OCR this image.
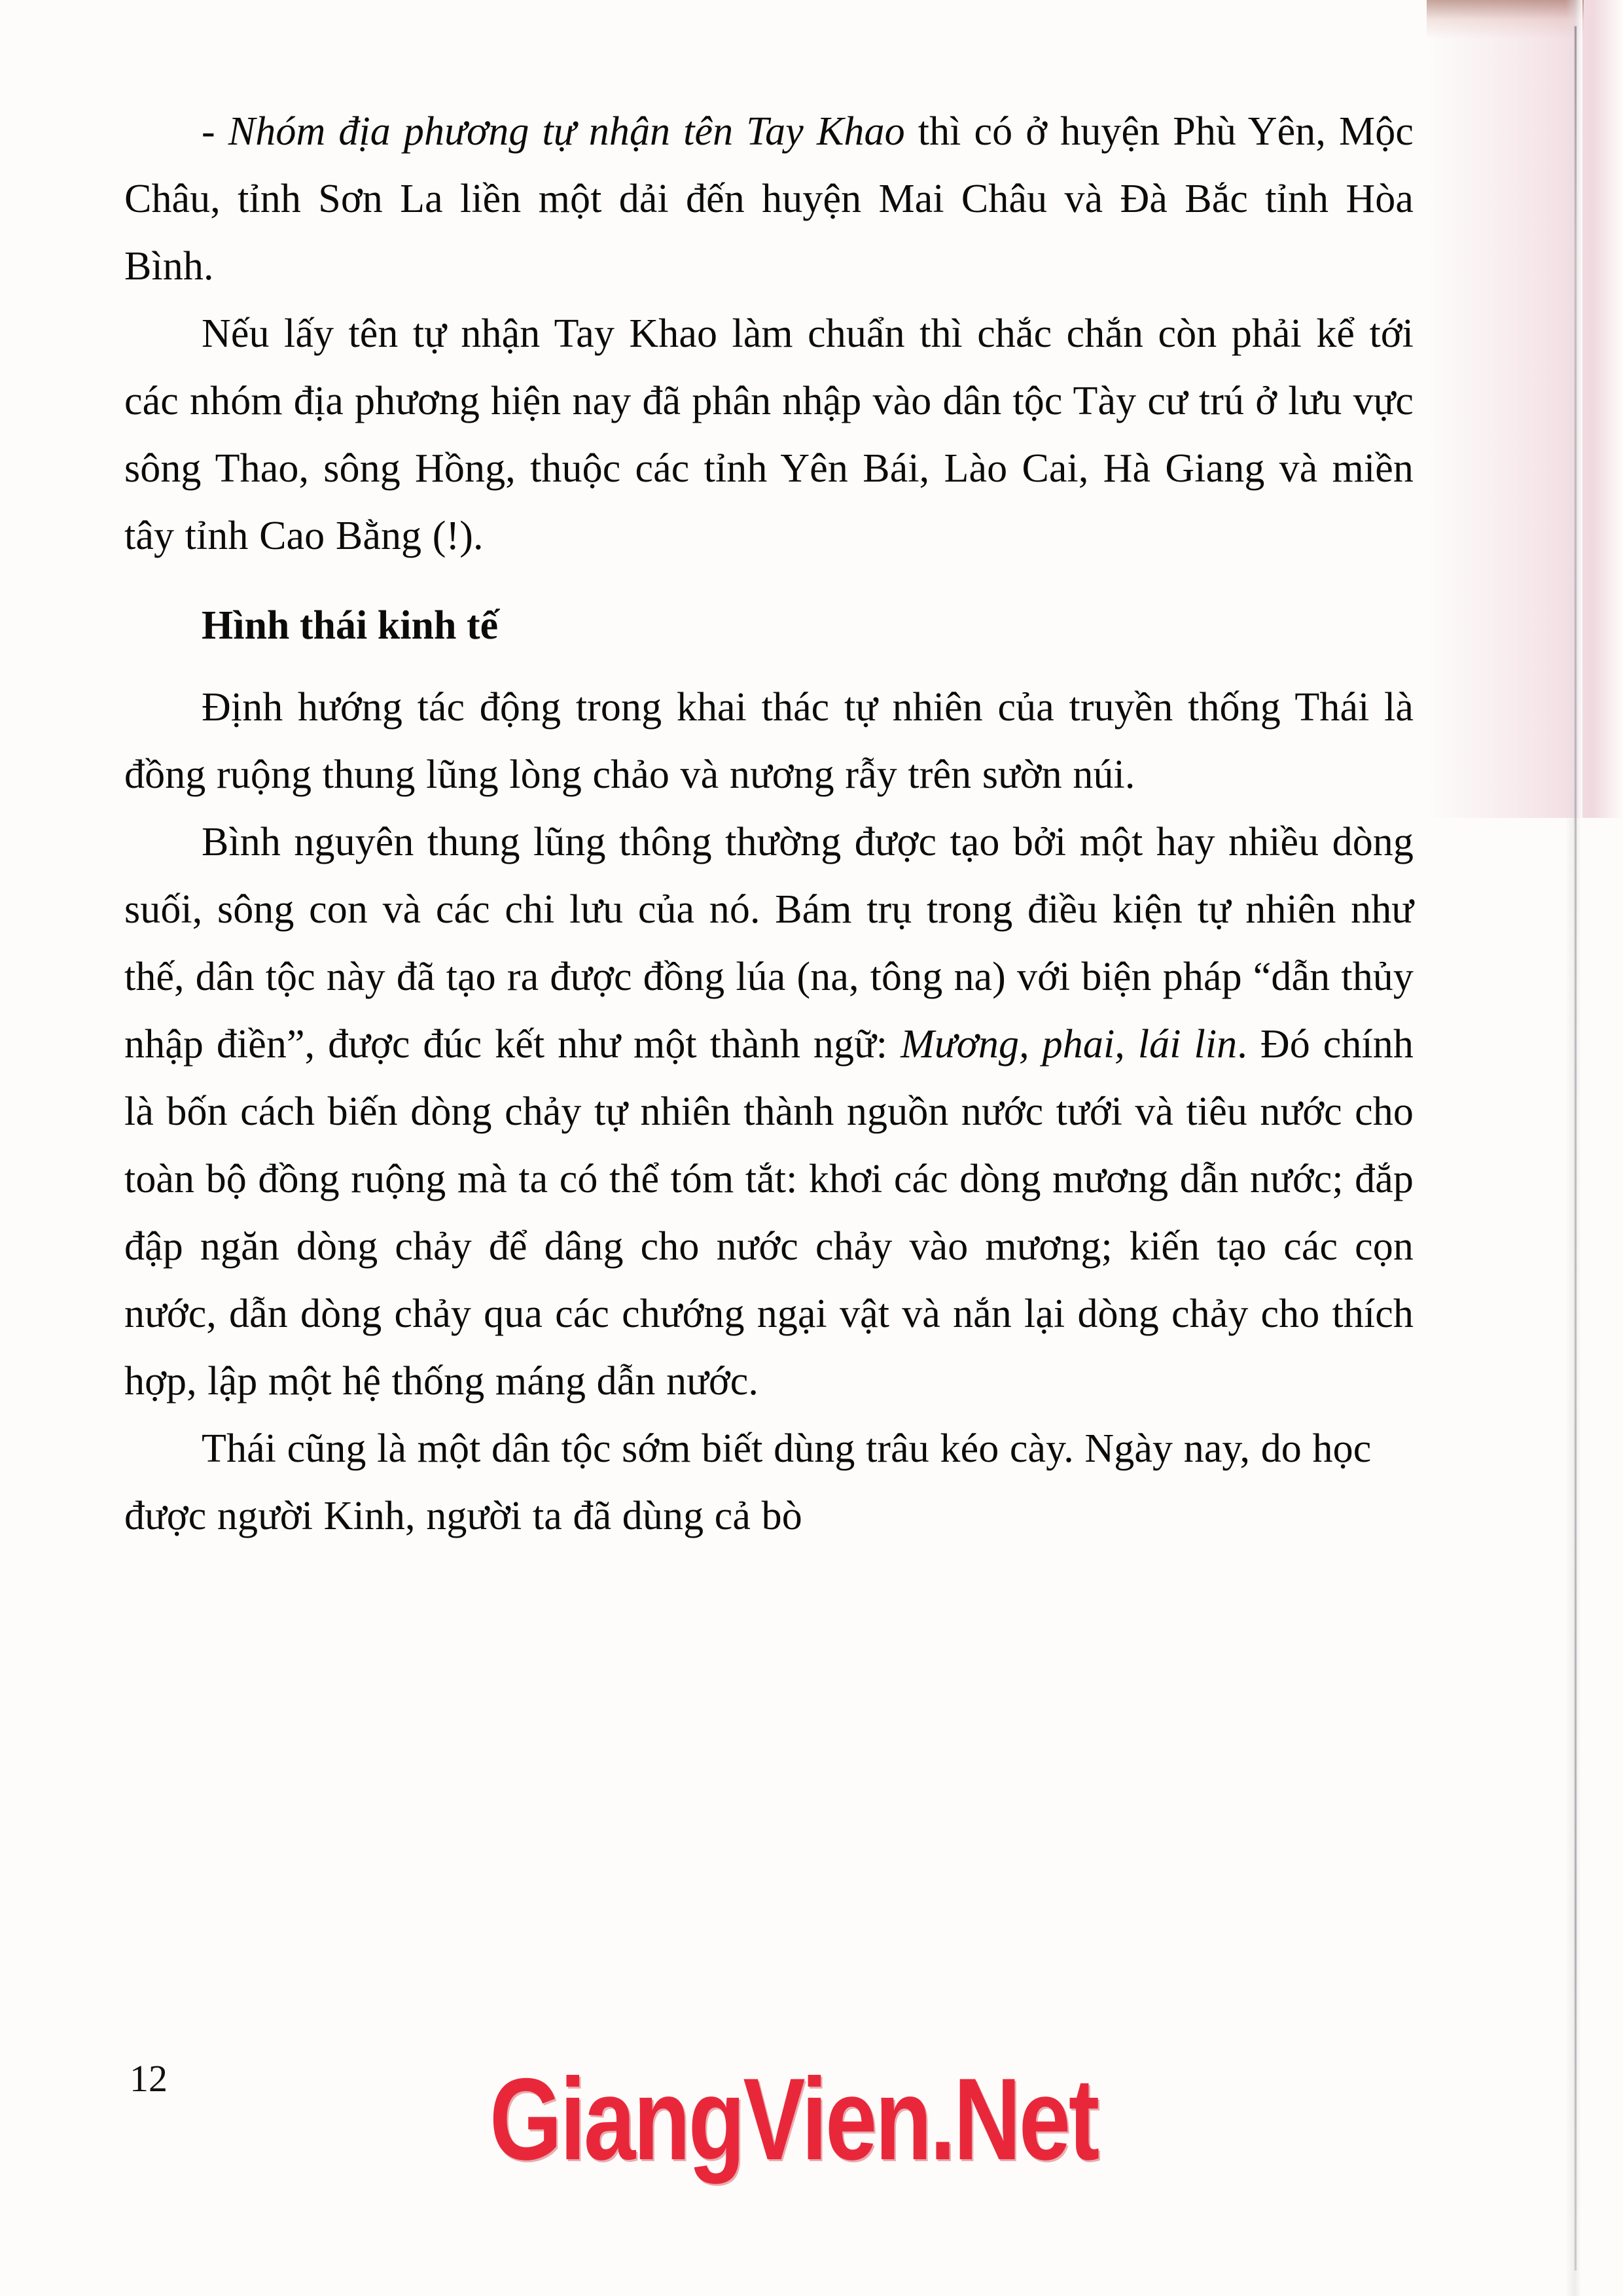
- Nhóm địa phương tự nhận tên Tay Khao thì có ở huyện Phù Yên, Mộc Châu, tỉnh Sơn La liền một dải đến huyện Mai Châu và Đà Bắc tỉnh Hòa Bình.

Nếu lấy tên tự nhận Tay Khao làm chuẩn thì chắc chắn còn phải kể tới các nhóm địa phương hiện nay đã phân nhập vào dân tộc Tày cư trú ở lưu vực sông Thao, sông Hồng, thuộc các tỉnh Yên Bái, Lào Cai, Hà Giang và miền tây tỉnh Cao Bằng (!).

Hình thái kinh tế

Định hướng tác động trong khai thác tự nhiên của truyền thống Thái là đồng ruộng thung lũng lòng chảo và nương rẫy trên sườn núi.

Bình nguyên thung lũng thông thường được tạo bởi một hay nhiều dòng suối, sông con và các chi lưu của nó. Bám trụ trong điều kiện tự nhiên như thế, dân tộc này đã tạo ra được đồng lúa (na, tông na) với biện pháp “dẫn thủy nhập điền”, được đúc kết như một thành ngữ: Mương, phai, lái lin. Đó chính là bốn cách biến dòng chảy tự nhiên thành nguồn nước tưới và tiêu nước cho toàn bộ đồng ruộng mà ta có thể tóm tắt: khơi các dòng mương dẫn nước; đắp đập ngăn dòng chảy để dâng cho nước chảy vào mương; kiến tạo các cọn nước, dẫn dòng chảy qua các chướng ngại vật và nắn lại dòng chảy cho thích hợp, lập một hệ thống máng dẫn nước.

Thái cũng là một dân tộc sớm biết dùng trâu kéo cày. Ngày nay, do học được người Kinh, người ta đã dùng cả bò

12	GiangVien.Net
